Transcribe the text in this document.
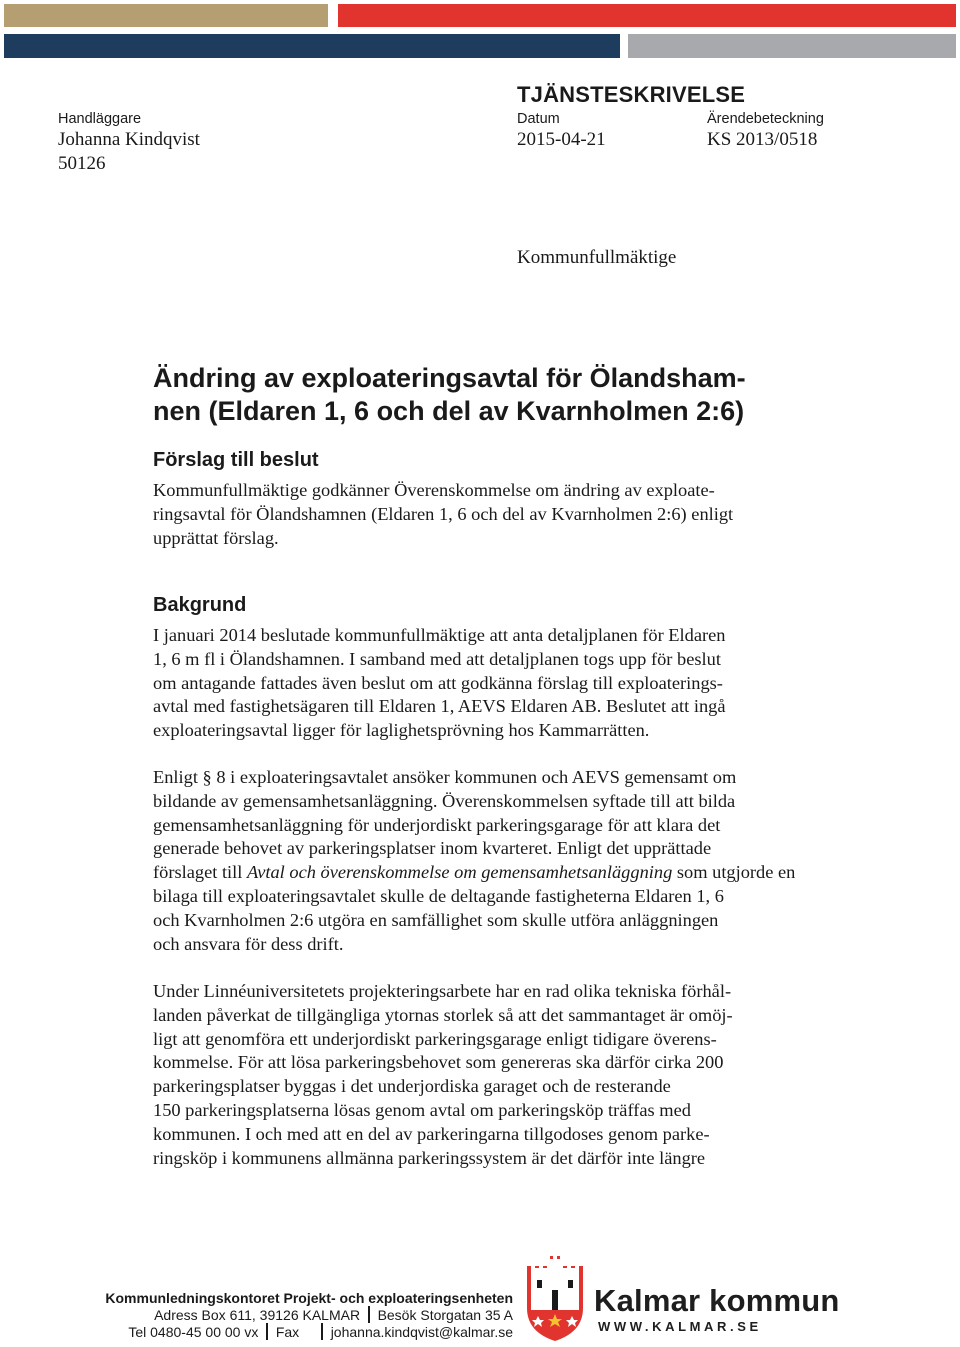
TJÄNSTESKRIVELSE
Handläggare
Johanna Kindqvist
50126
Datum
2015-04-21
Ärendebeteckning
KS 2013/0518
Kommunfullmäktige
Ändring av exploateringsavtal för Ölandsham-
nen (Eldaren 1, 6 och del av Kvarnholmen 2:6)
Förslag till beslut
Kommunfullmäktige godkänner Överenskommelse om ändring av exploate-
ringsavtal för Ölandshamnen (Eldaren 1, 6 och del av Kvarnholmen 2:6) enligt
upprättat förslag.
Bakgrund
I januari 2014 beslutade kommunfullmäktige att anta detaljplanen för Eldaren
1, 6 m fl i Ölandshamnen. I samband med att detaljplanen togs upp för beslut
om antagande fattades även beslut om att godkänna förslag till exploaterings-
avtal med fastighetsägaren till Eldaren 1, AEVS Eldaren AB. Beslutet att ingå
exploateringsavtal ligger för laglighetsprövning hos Kammarrätten.
Enligt § 8 i exploateringsavtalet ansöker kommunen och AEVS gemensamt om
bildande av gemensamhetsanläggning. Överenskommelsen syftade till att bilda
gemensamhetsanläggning för underjordiskt parkeringsgarage för att klara det
generade behovet av parkeringsplatser inom kvarteret. Enligt det upprättade
förslaget till Avtal och överenskommelse om gemensamhetsanläggning som utgjorde en
bilaga till exploateringsavtalet skulle de deltagande fastigheterna Eldaren 1, 6
och Kvarnholmen 2:6 utgöra en samfällighet som skulle utföra anläggningen
och ansvara för dess drift.
Under Linnéuniversitetets projekteringsarbete har en rad olika tekniska förhål-
landen påverkat de tillgängliga ytornas storlek så att det sammantaget är omöj-
ligt att genomföra ett underjordiskt parkeringsgarage enligt tidigare överens-
kommelse. För att lösa parkeringsbehovet som genereras ska därför cirka 200
parkeringsplatser byggas i det underjordiska garaget och de resterande
150 parkeringsplatserna lösas genom avtal om parkeringsköp träffas med
kommunen. I och med att en del av parkeringarna tillgodoses genom parke-
ringsköp i kommunens allmänna parkeringssystem är det därför inte längre
Kommunledningskontoret Projekt- och exploateringsenheten
Adress Box 611, 39126 KALMAR Besök Storgatan 35 A
Tel 0480-45 00 00 vx Fax johanna.kindqvist@kalmar.se
Kalmar kommun
WWW.KALMAR.SE
